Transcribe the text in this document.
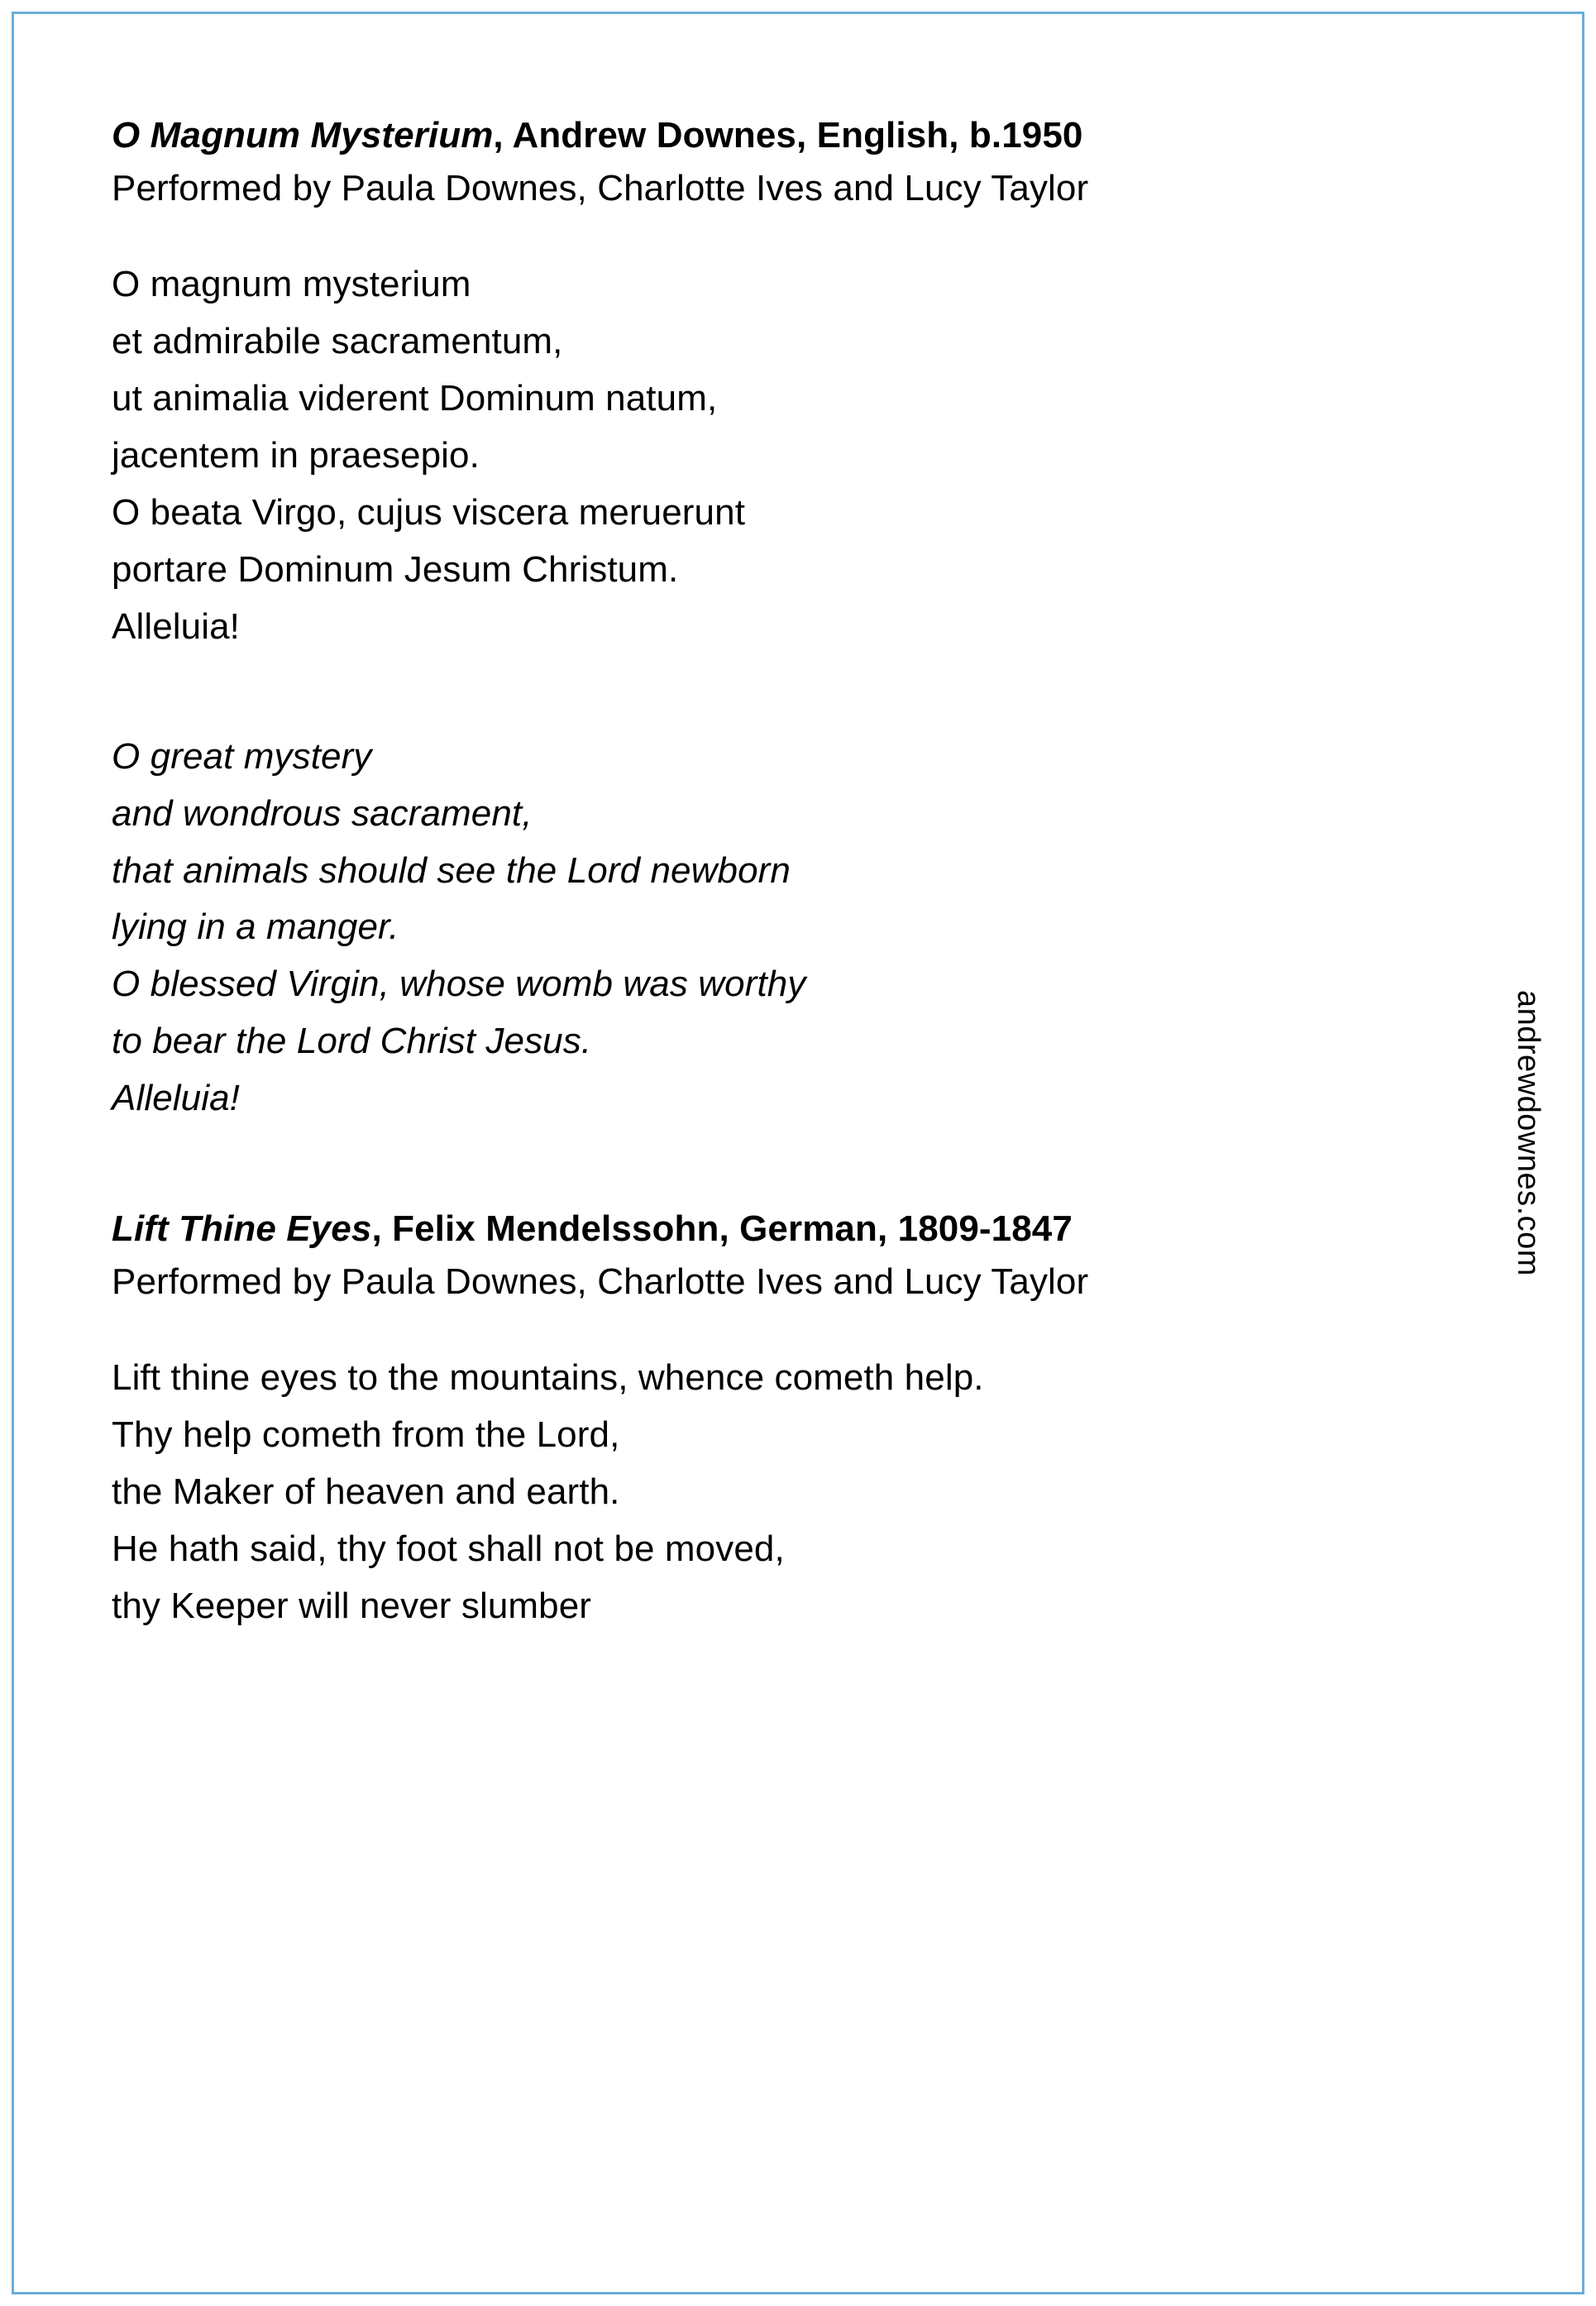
O Magnum Mysterium, Andrew Downes, English, b.1950

Performed by Paula Downes, Charlotte Ives and Lucy Taylor

O magnum mysterium
et admirabile sacramentum,
ut animalia viderent Dominum natum,
jacentem in praesepio.
O beata Virgo, cujus viscera meruerunt
portare Dominum Jesum Christum.
Alleluia!
O great mystery
and wondrous sacrament,
that animals should see the Lord newborn
lying in a manger.
O blessed Virgin, whose womb was worthy
to bear the Lord Christ Jesus.
Alleluia!
Lift Thine Eyes, Felix Mendelssohn, German, 1809-1847

Performed by Paula Downes, Charlotte Ives and Lucy Taylor

Lift thine eyes to the mountains, whence cometh help.
Thy help cometh from the Lord,
the Maker of heaven and earth.
He hath said, thy foot shall not be moved,
thy Keeper will never slumber
andrewdownes.com
